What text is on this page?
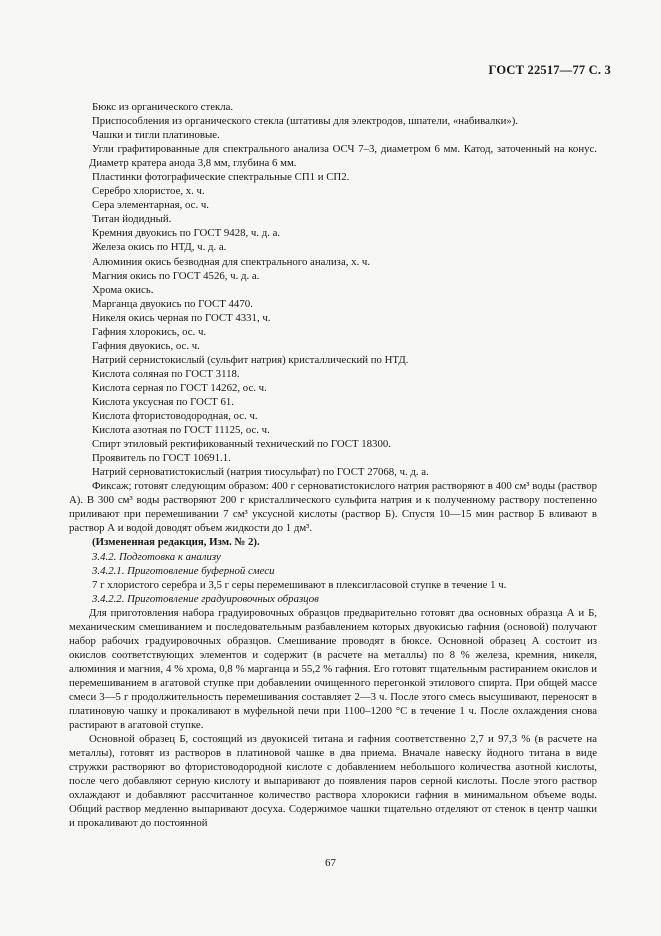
ГОСТ 22517—77 С. 3

Бюкс из органического стекла.

Приспособления из органического стекла (штативы для электродов, шпатели, «набивалки»).

Чашки и тигли платиновые.

Угли графитированные для спектрального анализа ОСЧ 7–3, диаметром 6 мм. Катод, заточенный на конус. Диаметр кратера анода 3,8 мм, глубина 6 мм.

Пластинки фотографические спектральные СП1 и СП2.

Серебро хлористое, х. ч.

Сера элементарная, ос. ч.

Титан йодидный.

Кремния двуокись по ГОСТ 9428, ч. д. а.

Железа окись по НТД, ч. д. а.

Алюминия окись безводная для спектрального анализа, х. ч.

Магния окись по ГОСТ 4526, ч. д. а.

Хрома окись.

Марганца двуокись по ГОСТ 4470.

Никеля окись черная по ГОСТ 4331, ч.

Гафния хлорокись, ос. ч.

Гафния двуокись, ос. ч.

Натрий сернистокислый (сульфит натрия) кристаллический по НТД.

Кислота соляная по ГОСТ 3118.

Кислота серная по ГОСТ 14262, ос. ч.

Кислота уксусная по ГОСТ 61.

Кислота фтористоводородная, ос. ч.

Кислота азотная по ГОСТ 11125, ос. ч.

Спирт этиловый ректификованный технический по ГОСТ 18300.

Проявитель по ГОСТ 10691.1.

Натрий серноватистокислый (натрия тиосульфат) по ГОСТ 27068, ч. д. а.

Фиксаж; готовят следующим образом: 400 г серноватистокислого натрия растворяют в 400 см³ воды (раствор А). В 300 см³ воды растворяют 200 г кристаллического сульфита натрия и к полученному раствору постепенно приливают при перемешивании 7 см³ уксусной кислоты (раствор Б). Спустя 10—15 мин раствор Б вливают в раствор А и водой доводят объем жидкости до 1 дм³.

(Измененная редакция, Изм. № 2).

3.4.2. Подготовка к анализу

3.4.2.1. Приготовление буферной смеси

7 г хлористого серебра и 3,5 г серы перемешивают в плексигласовой ступке в течение 1 ч.

3.4.2.2. Приготовление градуировочных образцов

Для приготовления набора градуировочных образцов предварительно готовят два основных образца А и Б, механическим смешиванием и последовательным разбавлением которых двуокисью гафния (основой) получают набор рабочих градуировочных образцов. Смешивание проводят в бюксе. Основной образец А состоит из окислов соответствующих элементов и содержит (в расчете на металлы) по 8 % железа, кремния, никеля, алюминия и магния, 4 % хрома, 0,8 % марганца и 55,2 % гафния. Его готовят тщательным растиранием окислов и перемешиванием в агатовой ступке при добавлении очищенного перегонкой этилового спирта. При общей массе смеси 3—5 г продолжительность перемешивания составляет 2—3 ч. После этого смесь высушивают, переносят в платиновую чашку и прокаливают в муфельной печи при 1100–1200 °С в течение 1 ч. После охлаждения снова растирают в агатовой ступке.

Основной образец Б, состоящий из двуокисей титана и гафния соответственно 2,7 и 97,3 % (в расчете на металлы), готовят из растворов в платиновой чашке в два приема. Вначале навеску йодного титана в виде стружки растворяют во фтористоводородной кислоте с добавлением небольшого количества азотной кислоты, после чего добавляют серную кислоту и выпаривают до появления паров серной кислоты. После этого раствор охлаждают и добавляют рассчитанное количество раствора хлорокиси гафния в минимальном объеме воды. Общий раствор медленно выпаривают досуха. Содержимое чашки тщательно отделяют от стенок в центр чашки и прокаливают до постоянной

67
